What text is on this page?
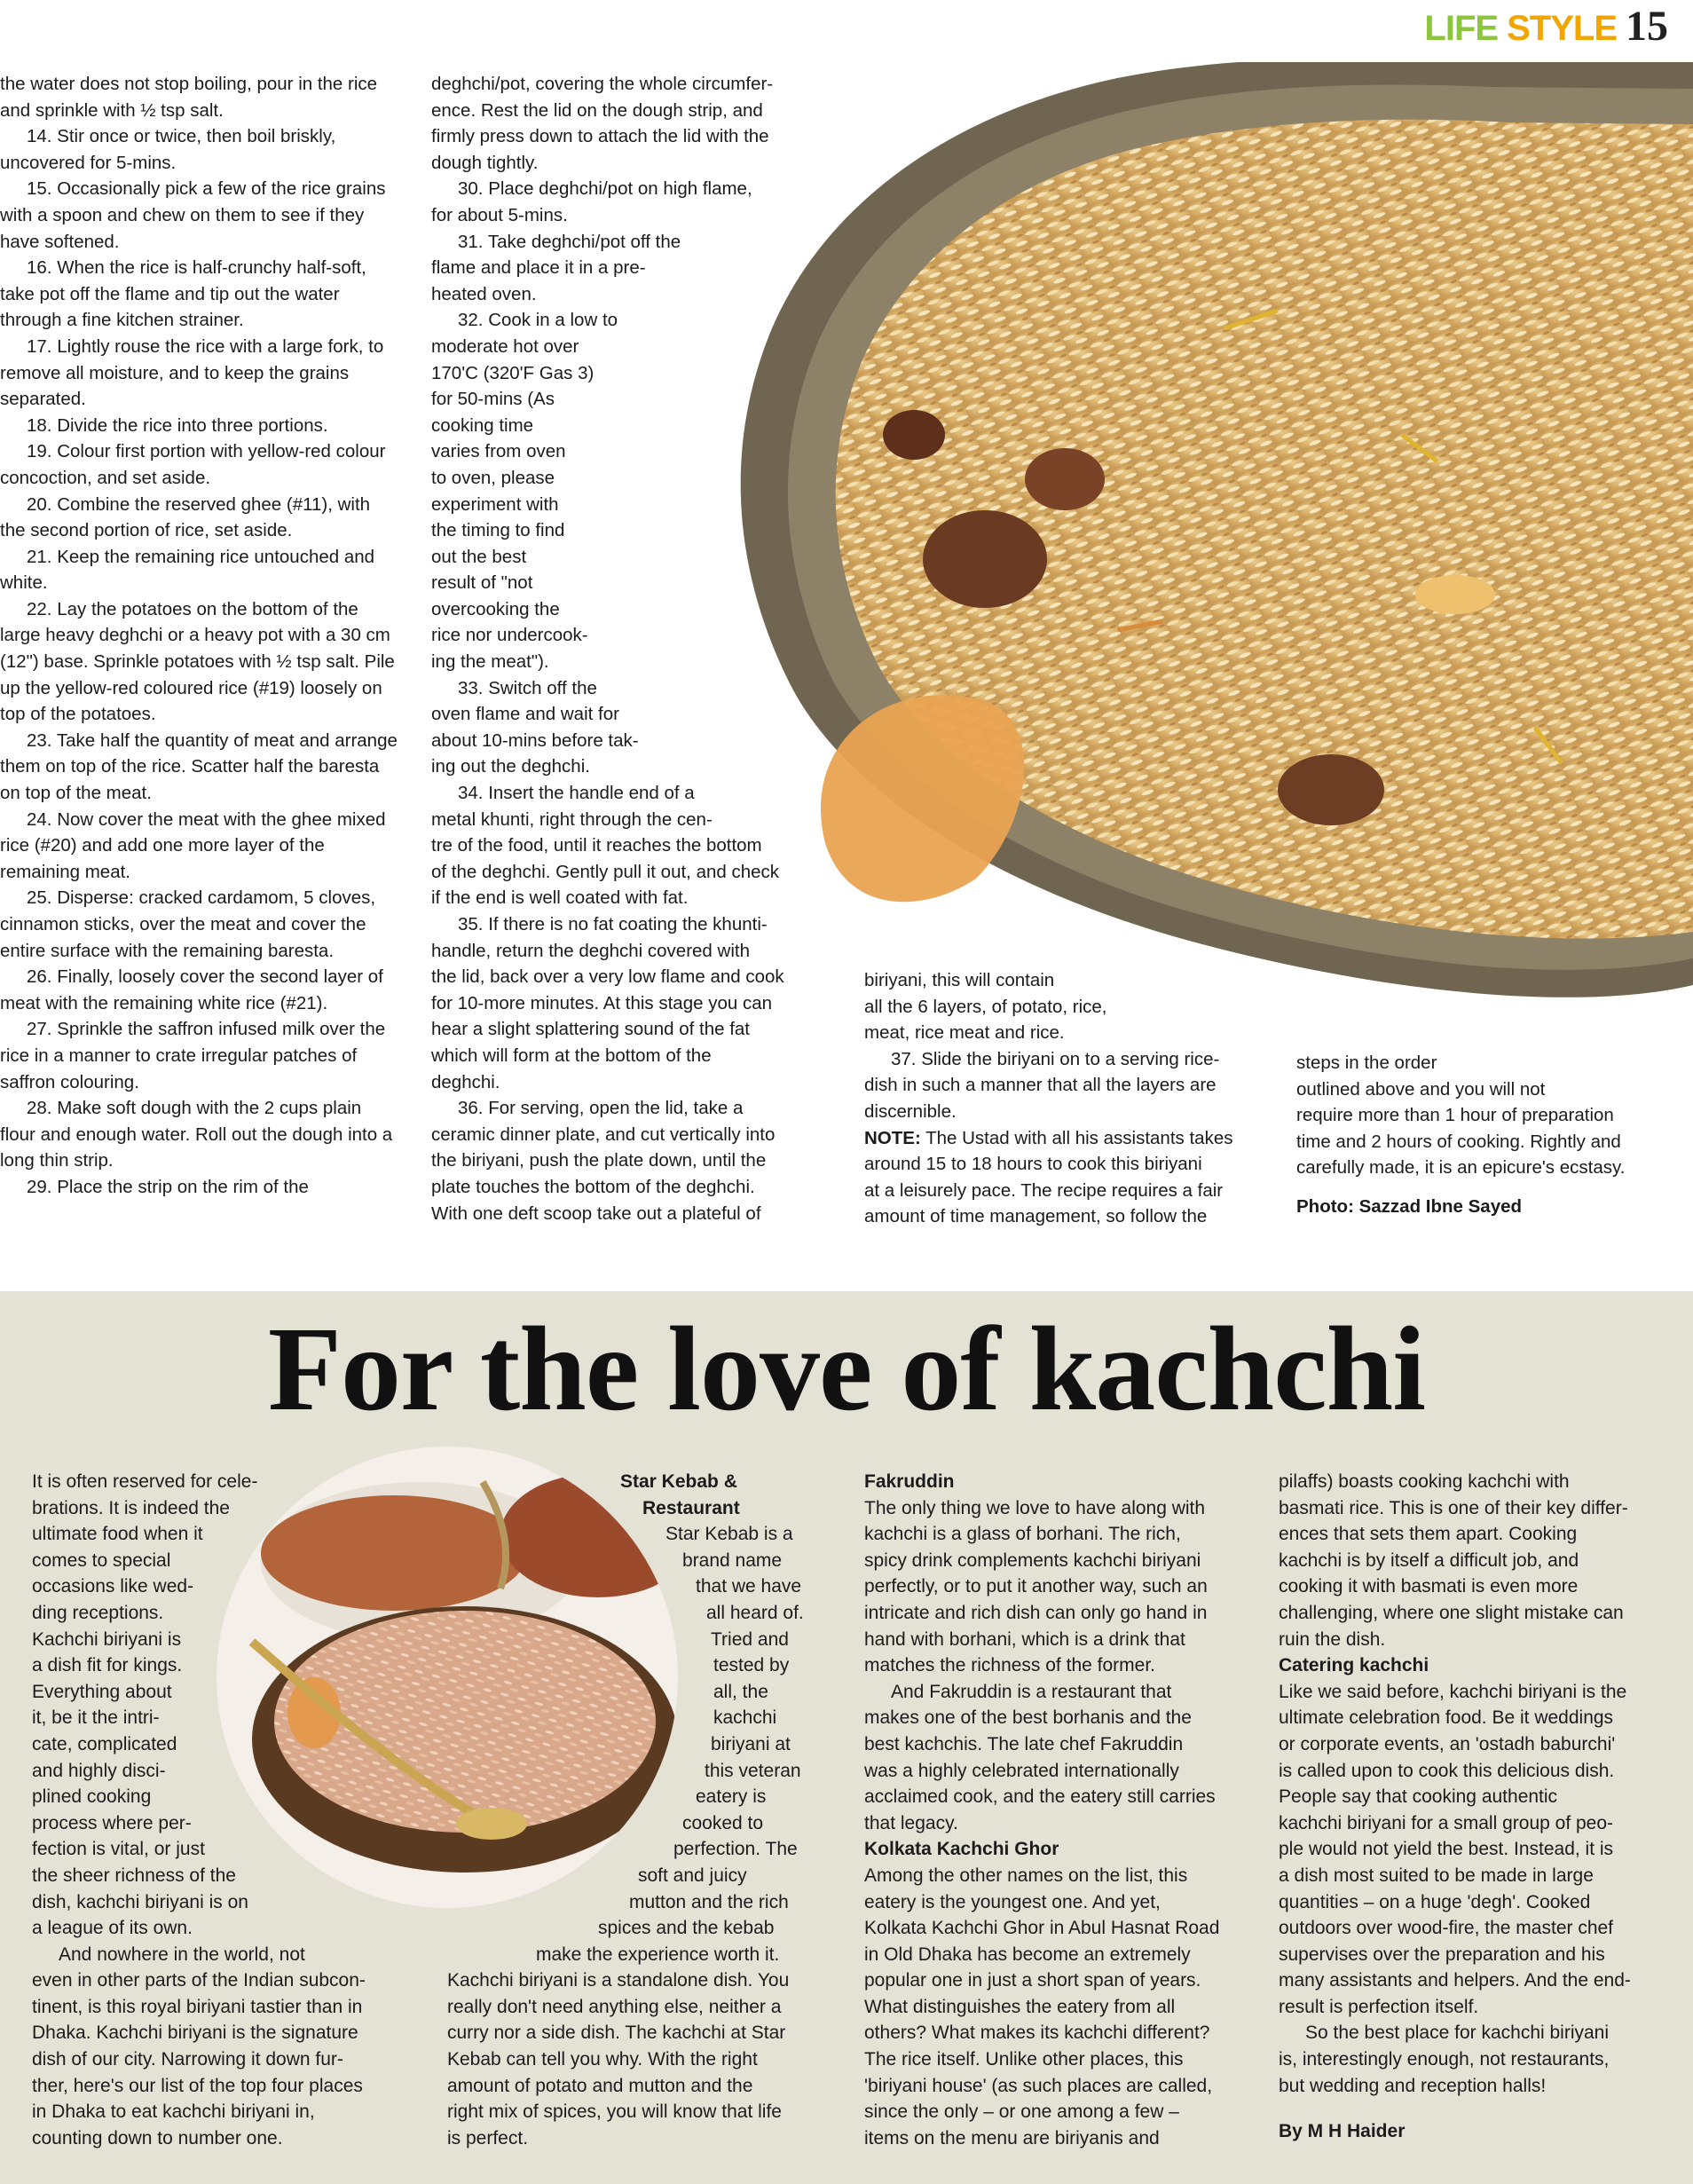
LIFE STYLE 15

the water does not stop boiling, pour in the rice and sprinkle with ½ tsp salt.

14. Stir once or twice, then boil briskly, uncovered for 5-mins.

15. Occasionally pick a few of the rice grains with a spoon and chew on them to see if they have softened.

16. When the rice is half-crunchy half-soft, take pot off the flame and tip out the water through a fine kitchen strainer.

17. Lightly rouse the rice with a large fork, to remove all moisture, and to keep the grains separated.

18. Divide the rice into three portions.

19. Colour first portion with yellow-red colour concoction, and set aside.

20. Combine the reserved ghee (#11), with the second portion of rice, set aside.

21. Keep the remaining rice untouched and white.

22. Lay the potatoes on the bottom of the large heavy deghchi or a heavy pot with a 30 cm (12") base. Sprinkle potatoes with ½ tsp salt. Pile up the yellow-red coloured rice (#19) loosely on top of the potatoes.

23. Take half the quantity of meat and arrange them on top of the rice. Scatter half the baresta on top of the meat.

24. Now cover the meat with the ghee mixed rice (#20) and add one more layer of the remaining meat.

25. Disperse: cracked cardamom, 5 cloves, cinnamon sticks, over the meat and cover the entire surface with the remaining baresta.

26. Finally, loosely cover the second layer of meat with the remaining white rice (#21).

27. Sprinkle the saffron infused milk over the rice in a manner to crate irregular patches of saffron colouring.

28. Make soft dough with the 2 cups plain flour and enough water. Roll out the dough into a long thin strip.

29. Place the strip on the rim of the

deghchi/pot, covering the whole circumfer-
ence. Rest the lid on the dough strip, and
firmly press down to attach the lid with the
dough tightly.
30. Place deghchi/pot on high flame,
for about 5-mins.
31. Take deghchi/pot off the
flame and place it in a pre-
heated oven.
32. Cook in a low to
moderate hot over
170'C (320'F Gas 3)
for 50-mins (As
cooking time
varies from oven
to oven, please
experiment with
the timing to find
out the best
result of "not
overcooking the
rice nor undercook-
ing the meat").
33. Switch off the
oven flame and wait for
about 10-mins before tak-
ing out the deghchi.
34. Insert the handle end of a
metal khunti, right through the cen-
tre of the food, until it reaches the bottom
of the deghchi. Gently pull it out, and check
if the end is well coated with fat.
35. If there is no fat coating the khunti-
handle, return the deghchi covered with
the lid, back over a very low flame and cook
for 10-more minutes. At this stage you can
hear a slight splattering sound of the fat
which will form at the bottom of the
deghchi.
36. For serving, open the lid, take a
ceramic dinner plate, and cut vertically into
the biriyani, push the plate down, until the
plate touches the bottom of the deghchi.
With one deft scoop take out a plateful of
biriyani, this will contain
all the 6 layers, of potato, rice,
meat, rice meat and rice.
37. Slide the biriyani on to a serving rice-
dish in such a manner that all the layers are
discernible.
NOTE: The Ustad with all his assistants takes
around 15 to 18 hours to cook this biriyani
at a leisurely pace. The recipe requires a fair
amount of time management, so follow the
steps in the order
outlined above and you will not
require more than 1 hour of preparation
time and 2 hours of cooking. Rightly and
carefully made, it is an epicure's ecstasy.
Photo: Sazzad Ibne Sayed
For the love of kachchi
It is often reserved for cele-
brations. It is indeed the
ultimate food when it
comes to special
occasions like wed-
ding receptions.
Kachchi biriyani is
a dish fit for kings.
Everything about
it, be it the intri-
cate, complicated
and highly disci-
plined cooking
process where per-
fection is vital, or just
the sheer richness of the
dish, kachchi biriyani is on
a league of its own.
And nowhere in the world, not
even in other parts of the Indian subcon-
tinent, is this royal biriyani tastier than in
Dhaka. Kachchi biriyani is the signature
dish of our city. Narrowing it down fur-
ther, here's our list of the top four places
in Dhaka to eat kachchi biriyani in,
counting down to number one.
Star Kebab &
Restaurant
Star Kebab is a
brand name
that we have
all heard of.
Tried and
tested by
all, the
kachchi
biriyani at
this veteran
eatery is
cooked to
perfection. The
soft and juicy
mutton and the rich
spices and the kebab
make the experience worth it.
Kachchi biriyani is a standalone dish. You
really don't need anything else, neither a
curry nor a side dish. The kachchi at Star
Kebab can tell you why. With the right
amount of potato and mutton and the
right mix of spices, you will know that life
is perfect.
Fakruddin
The only thing we love to have along with
kachchi is a glass of borhani. The rich,
spicy drink complements kachchi biriyani
perfectly, or to put it another way, such an
intricate and rich dish can only go hand in
hand with borhani, which is a drink that
matches the richness of the former.
And Fakruddin is a restaurant that
makes one of the best borhanis and the
best kachchis. The late chef Fakruddin
was a highly celebrated internationally
acclaimed cook, and the eatery still carries
that legacy.
Kolkata Kachchi Ghor
Among the other names on the list, this
eatery is the youngest one. And yet,
Kolkata Kachchi Ghor in Abul Hasnat Road
in Old Dhaka has become an extremely
popular one in just a short span of years.
What distinguishes the eatery from all
others? What makes its kachchi different?
The rice itself. Unlike other places, this
'biriyani house' (as such places are called,
since the only – or one among a few –
items on the menu are biriyanis and
pilaffs) boasts cooking kachchi with
basmati rice. This is one of their key differ-
ences that sets them apart. Cooking
kachchi is by itself a difficult job, and
cooking it with basmati is even more
challenging, where one slight mistake can
ruin the dish.
Catering kachchi
Like we said before, kachchi biriyani is the
ultimate celebration food. Be it weddings
or corporate events, an 'ostadh baburchi'
is called upon to cook this delicious dish.
People say that cooking authentic
kachchi biriyani for a small group of peo-
ple would not yield the best. Instead, it is
a dish most suited to be made in large
quantities – on a huge 'degh'. Cooked
outdoors over wood-fire, the master chef
supervises over the preparation and his
many assistants and helpers. And the end-
result is perfection itself.
So the best place for kachchi biriyani
is, interestingly enough, not restaurants,
but wedding and reception halls!
By M H Haider
